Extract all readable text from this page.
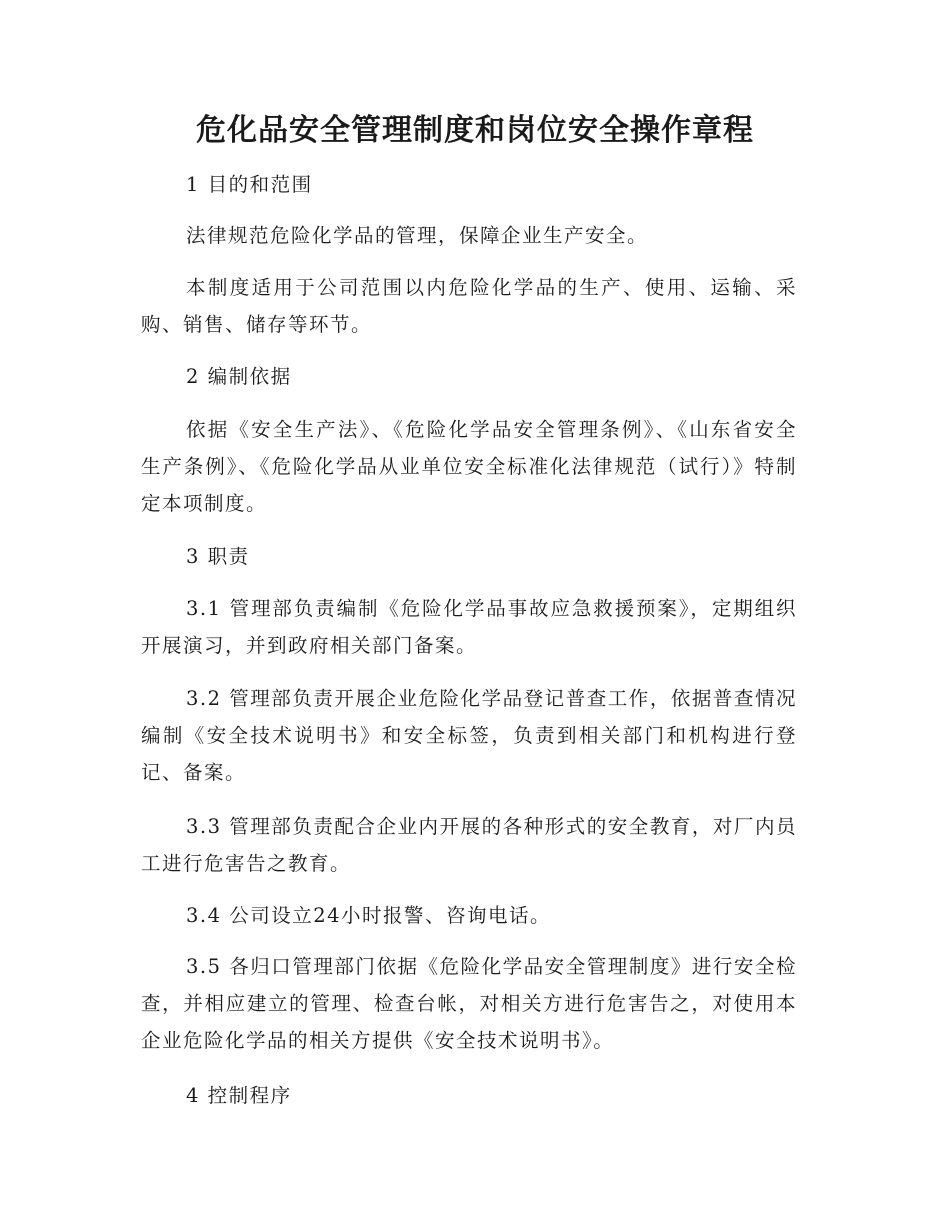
危化品安全管理制度和岗位安全操作章程

1 目的和范围

法律规范危险化学品的管理，保障企业生产安全。

本制度适用于公司范围以内危险化学品的生产、使用、运输、采购、销售、储存等环节。

2 编制依据

依据《安全生产法》、《危险化学品安全管理条例》、《山东省安全生产条例》、《危险化学品从业单位安全标准化法律规范（试行）》特制定本项制度。

3 职责

3.1 管理部负责编制《危险化学品事故应急救援预案》，定期组织开展演习，并到政府相关部门备案。

3.2 管理部负责开展企业危险化学品登记普查工作，依据普查情况编制《安全技术说明书》和安全标签，负责到相关部门和机构进行登记、备案。

3.3 管理部负责配合企业内开展的各种形式的安全教育，对厂内员工进行危害告之教育。

3.4 公司设立24小时报警、咨询电话。

3.5 各归口管理部门依据《危险化学品安全管理制度》进行安全检查，并相应建立的管理、检查台帐，对相关方进行危害告之，对使用本企业危险化学品的相关方提供《安全技术说明书》。

4 控制程序
